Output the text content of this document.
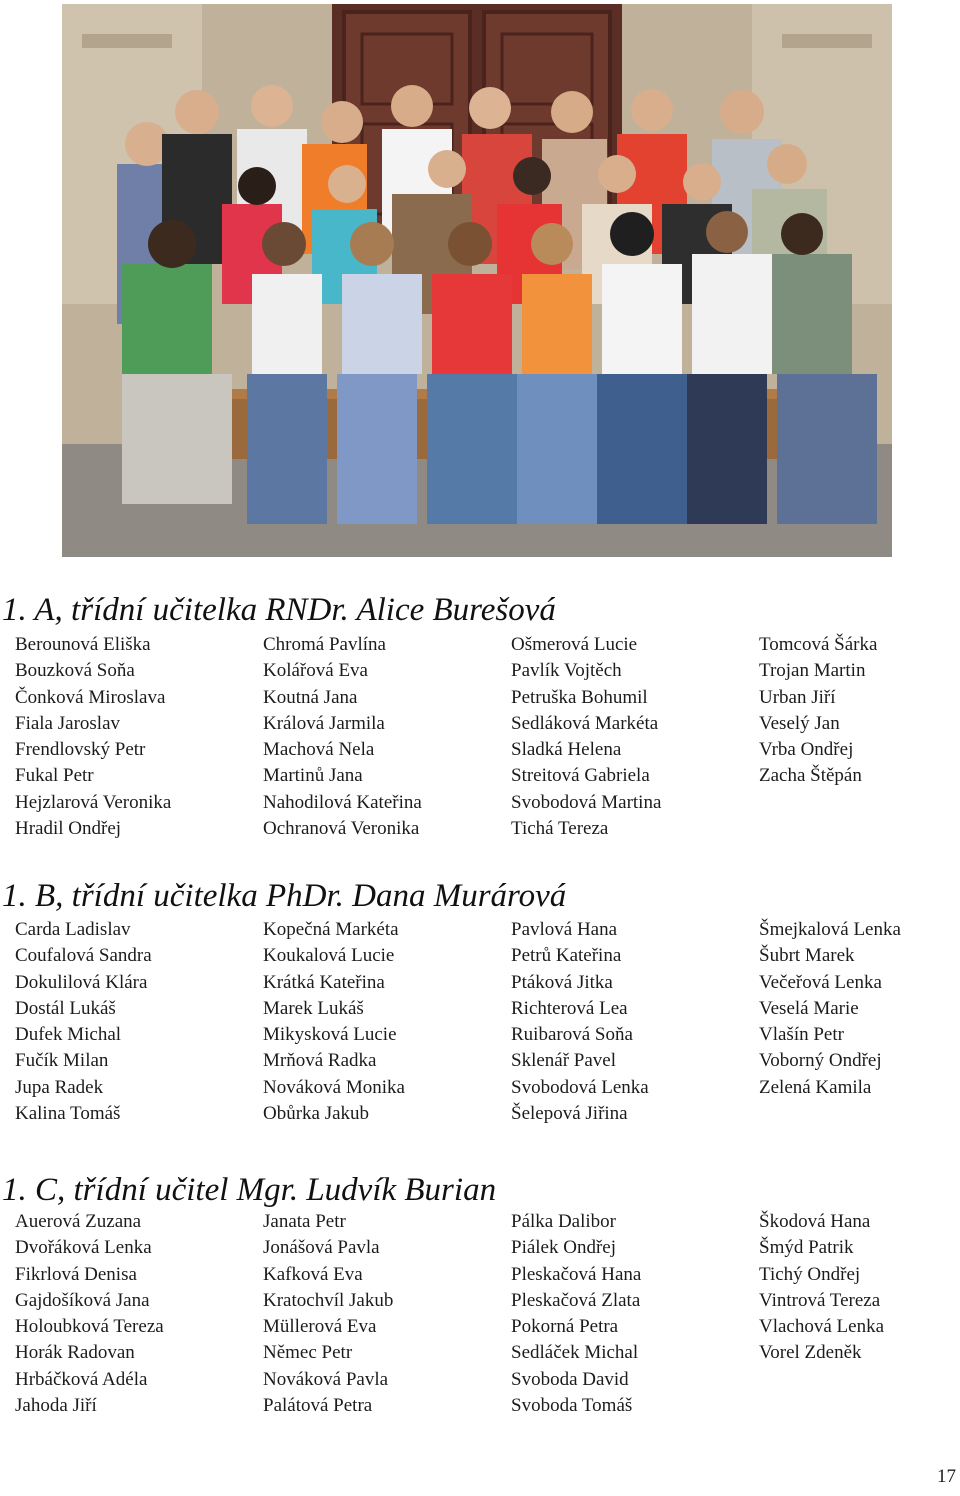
1. A, třídní učitelka RNDr. Alice Burešová
Berounová Eliška
Bouzková Soňa
Čonková Miroslava
Fiala Jaroslav
Frendlovský Petr
Fukal Petr
Hejzlarová Veronika
Hradil Ondřej
Chromá Pavlína
Kolářová Eva
Koutná Jana
Králová Jarmila
Machová Nela
Martinů Jana
Nahodilová Kateřina
Ochranová Veronika
Ošmerová Lucie
Pavlík Vojtěch
Petruška Bohumil
Sedláková Markéta
Sladká Helena
Streitová Gabriela
Svobodová Martina
Tichá Tereza
Tomcová Šárka
Trojan Martin
Urban Jiří
Veselý Jan
Vrba Ondřej
Zacha Štěpán
1. B, třídní učitelka PhDr. Dana Murárová
Carda Ladislav
Coufalová Sandra
Dokulilová Klára
Dostál Lukáš
Dufek Michal
Fučík Milan
Jupa Radek
Kalina Tomáš
Kopečná Markéta
Koukalová Lucie
Krátká Kateřina
Marek Lukáš
Mikysková Lucie
Mrňová Radka
Nováková Monika
Obůrka Jakub
Pavlová Hana
Petrů Kateřina
Ptáková Jitka
Richterová Lea
Ruibarová Soňa
Sklenář Pavel
Svobodová Lenka
Šelepová Jiřina
Šmejkalová Lenka
Šubrt Marek
Večeřová Lenka
Veselá Marie
Vlašín Petr
Voborný Ondřej
Zelená Kamila
1. C, třídní učitel Mgr. Ludvík Burian
Auerová Zuzana
Dvořáková Lenka
Fikrlová Denisa
Gajdošíková Jana
Holoubková Tereza
Horák Radovan
Hrbáčková Adéla
Jahoda Jiří
Janata Petr
Jonášová Pavla
Kafková Eva
Kratochvíl Jakub
Müllerová Eva
Němec Petr
Nováková Pavla
Palátová Petra
Pálka Dalibor
Piálek Ondřej
Pleskačová Hana
Pleskačová Zlata
Pokorná Petra
Sedláček Michal
Svoboda David
Svoboda Tomáš
Škodová Hana
Šmýd Patrik
Tichý Ondřej
Vintrová Tereza
Vlachová Lenka
Vorel Zdeněk
17
